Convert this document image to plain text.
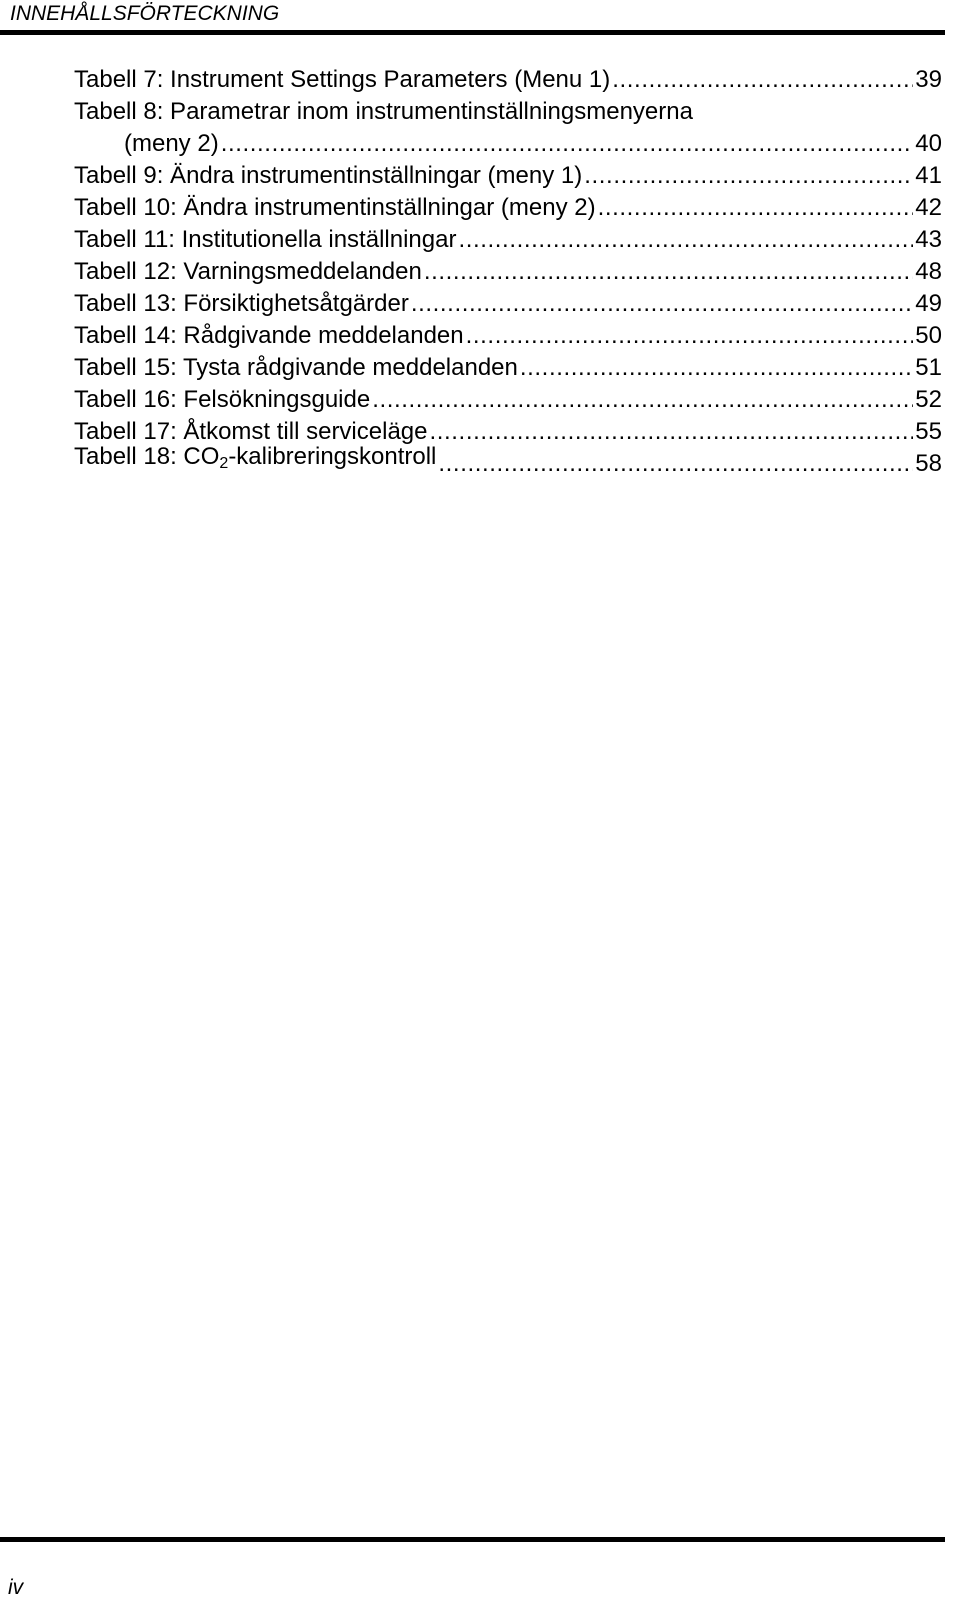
INNEHÅLLSFÖRTECKNING
Tabell 7: Instrument Settings Parameters (Menu 1) .....	39
Tabell 8: Parametrar inom instrumentinställningsmenyerna
(meny 2) .....	40
Tabell 9: Ändra instrumentinställningar (meny 1) .....	41
Tabell 10: Ändra instrumentinställningar (meny 2) .....	42
Tabell 11: Institutionella inställningar .....	43
Tabell 12: Varningsmeddelanden .....	48
Tabell 13: Försiktighetsåtgärder .....	49
Tabell 14: Rådgivande meddelanden .....	50
Tabell 15: Tysta rådgivande meddelanden .....	51
Tabell 16: Felsökningsguide .....	52
Tabell 17: Åtkomst till serviceläge .....	55
Tabell 18: $CO_2$-kalibreringskontroll .....	58
iv
